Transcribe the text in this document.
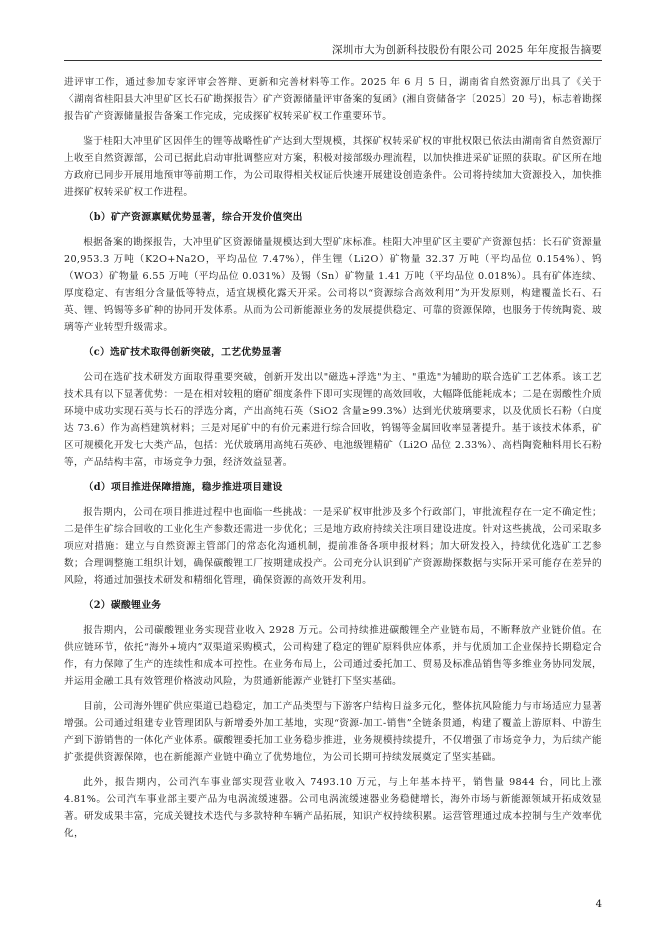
深圳市大为创新科技股份有限公司 2025 年年度报告摘要

进评审工作，通过参加专家评审会答辩、更新和完善材料等工作。2025 年 6 月 5 日，湖南省自然资源厅出具了《关于〈湖南省桂阳县大冲里矿区长石矿勘探报告〉矿产资源储量评审备案的复函》(湘自资储备字〔2025〕20 号)，标志着勘探报告矿产资源储量报告备案工作完成，完成探矿权转采矿权工作重要环节。

鉴于桂阳大冲里矿区因伴生的锂等战略性矿产达到大型规模，其探矿权转采矿权的审批权限已依法由湖南省自然资源厅上收至自然资源部，公司已据此启动审批调整应对方案，积极对接部级办理流程，以加快推进采矿证照的获取。矿区所在地方政府已同步开展用地预审等前期工作，为公司取得相关权证后快速开展建设创造条件。公司将持续加大资源投入，加快推进探矿权转采矿权工作进程。

（b）矿产资源禀赋优势显著，综合开发价值突出

根据备案的勘探报告，大冲里矿区资源储量规模达到大型矿床标准。桂阳大冲里矿区主要矿产资源包括：长石矿资源量 20,953.3 万吨（K2O+Na2O，平均品位 7.47%），伴生锂（Li2O）矿物量 32.37 万吨（平均品位 0.154%）、钨（WO3）矿物量 6.55 万吨（平均品位 0.031%）及锡（Sn）矿物量 1.41 万吨（平均品位 0.018%）。具有矿体连续、厚度稳定、有害组分含量低等特点，适宜规模化露天开采。公司将以“资源综合高效利用”为开发原则，构建覆盖长石、石英、锂、钨锡等多矿种的协同开发体系。从而为公司新能源业务的发展提供稳定、可靠的资源保障，也服务于传统陶瓷、玻璃等产业转型升级需求。

（c）选矿技术取得创新突破，工艺优势显著

公司在选矿技术研发方面取得重要突破，创新开发出以"磁选+浮选"为主、"重选"为辅助的联合选矿工艺体系。该工艺技术具有以下显著优势：一是在相对较粗的磨矿细度条件下即可实现锂的高效回收，大幅降低能耗成本；二是在弱酸性介质环境中成功实现石英与长石的浮选分离，产出高纯石英（SiO2 含量≥99.3%）达到光伏玻璃要求，以及优质长石粉（白度达 73.6）作为高档建筑材料；三是对尾矿中的有价元素进行综合回收，钨锡等金属回收率显著提升。基于该技术体系，矿区可规模化开发七大类产品，包括：光伏玻璃用高纯石英砂、电池级锂精矿（Li2O 品位 2.33%）、高档陶瓷釉料用长石粉等，产品结构丰富，市场竞争力强，经济效益显著。

（d）项目推进保障措施，稳步推进项目建设

报告期内，公司在项目推进过程中也面临一些挑战：一是采矿权审批涉及多个行政部门，审批流程存在一定不确定性；二是伴生矿综合回收的工业化生产参数还需进一步优化；三是地方政府持续关注项目建设进度。针对这些挑战，公司采取多项应对措施：建立与自然资源主管部门的常态化沟通机制，提前准备各项申报材料；加大研发投入，持续优化选矿工艺参数；合理调整施工组织计划，确保碳酸锂工厂按期建成投产。公司充分认识到矿产资源勘探数据与实际开采可能存在差异的风险，将通过加强技术研发和精细化管理，确保资源的高效开发利用。

（2）碳酸锂业务

报告期内，公司碳酸锂业务实现营业收入 2928 万元。公司持续推进碳酸锂全产业链布局，不断释放产业链价值。在供应链环节，依托“海外+境内”双渠道采购模式，公司构建了稳定的锂矿原料供应体系，并与优质加工企业保持长期稳定合作，有力保障了生产的连续性和成本可控性。在业务布局上，公司通过委托加工、贸易及标准品销售等多维业务协同发展，并运用金融工具有效管理价格波动风险，为贯通新能源产业链打下坚实基础。

目前，公司海外锂矿供应渠道已趋稳定，加工产品类型与下游客户结构日益多元化，整体抗风险能力与市场适应力显著增强。公司通过组建专业管理团队与新增委外加工基地，实现“资源-加工-销售”全链条贯通，构建了覆盖上游原料、中游生产到下游销售的一体化产业体系。碳酸锂委托加工业务稳步推进，业务规模持续提升，不仅增强了市场竞争力，为后续产能扩张提供资源保障，也在新能源产业链中确立了优势地位，为公司长期可持续发展奠定了坚实基础。

此外，报告期内，公司汽车事业部实现营业收入 7493.10 万元，与上年基本持平，销售量 9844 台，同比上涨 4.81%。公司汽车事业部主要产品为电涡流缓速器。公司电涡流缓速器业务稳健增长，海外市场与新能源领域开拓成效显著。研发成果丰富，完成关键技术迭代与多款特种车辆产品拓展，知识产权持续积累。运营管理通过成本控制与生产效率优化，

4
